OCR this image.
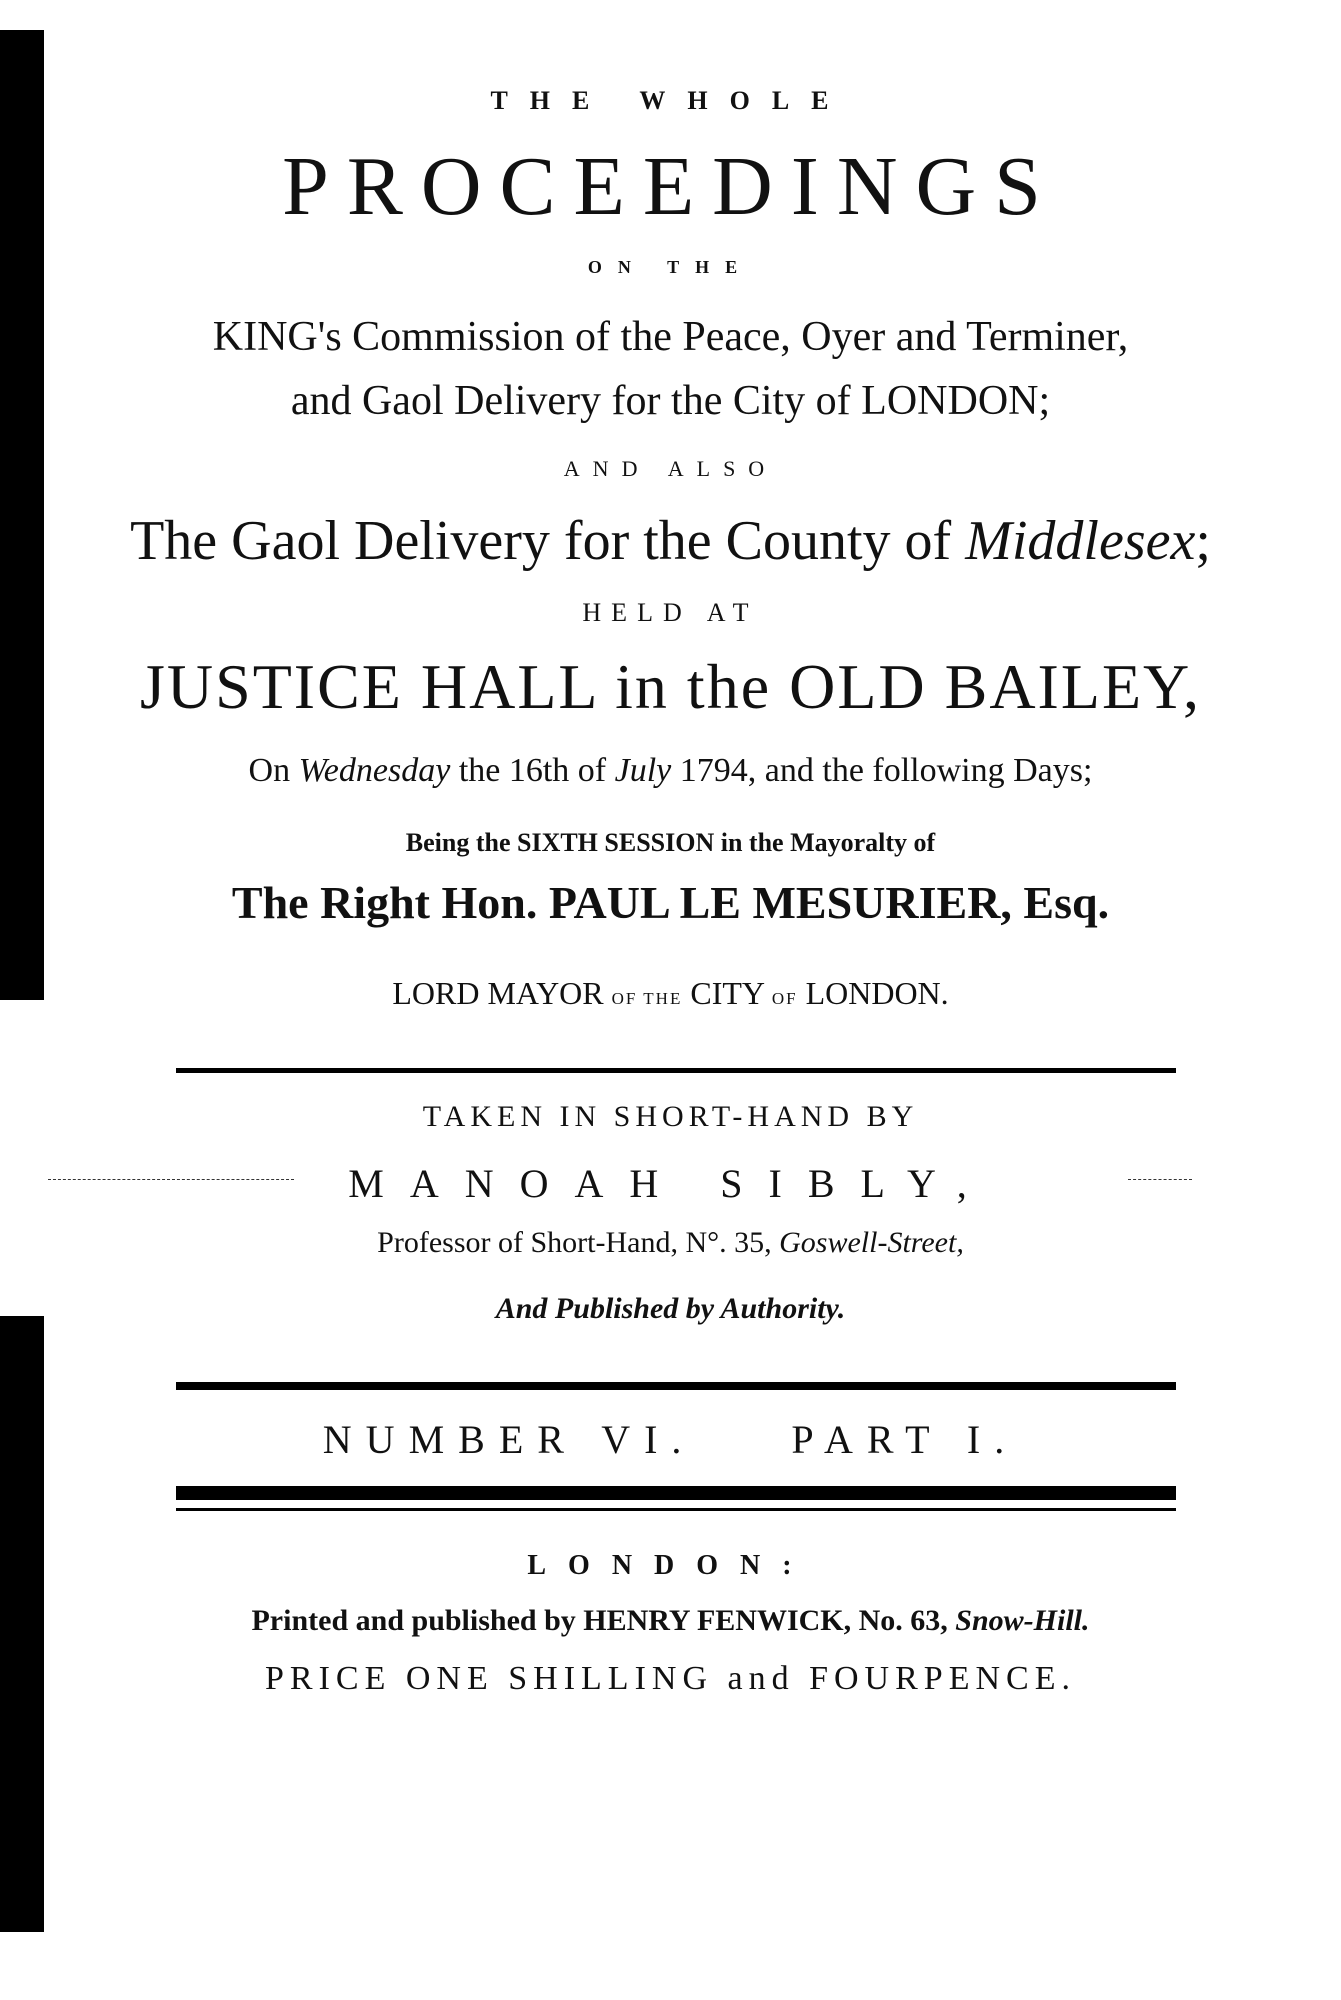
THE WHOLE
PROCEEDINGS
ON THE
KING's Commission of the Peace, Oyer and Terminer,
and Gaol Delivery for the City of LONDON;
AND ALSO
The Gaol Delivery for the County of Middlesex;
HELD AT
JUSTICE HALL in the OLD BAILEY,
On Wednesday the 16th of July 1794, and the following Days;
Being the SIXTH SESSION in the Mayoralty of
The Right Hon. PAUL LE MESURIER, Esq.
LORD MAYOR OF THE CITY OF LONDON.
TAKEN IN SHORT-HAND BY
MANOAH SIBLY,
Professor of Short-Hand, N°. 35, Goswell-Street,
And Published by Authority.
NUMBER VI. PART I.
LONDON:
Printed and published by HENRY FENWICK, No. 63, Snow-Hill.
PRICE ONE SHILLING and FOURPENCE.
